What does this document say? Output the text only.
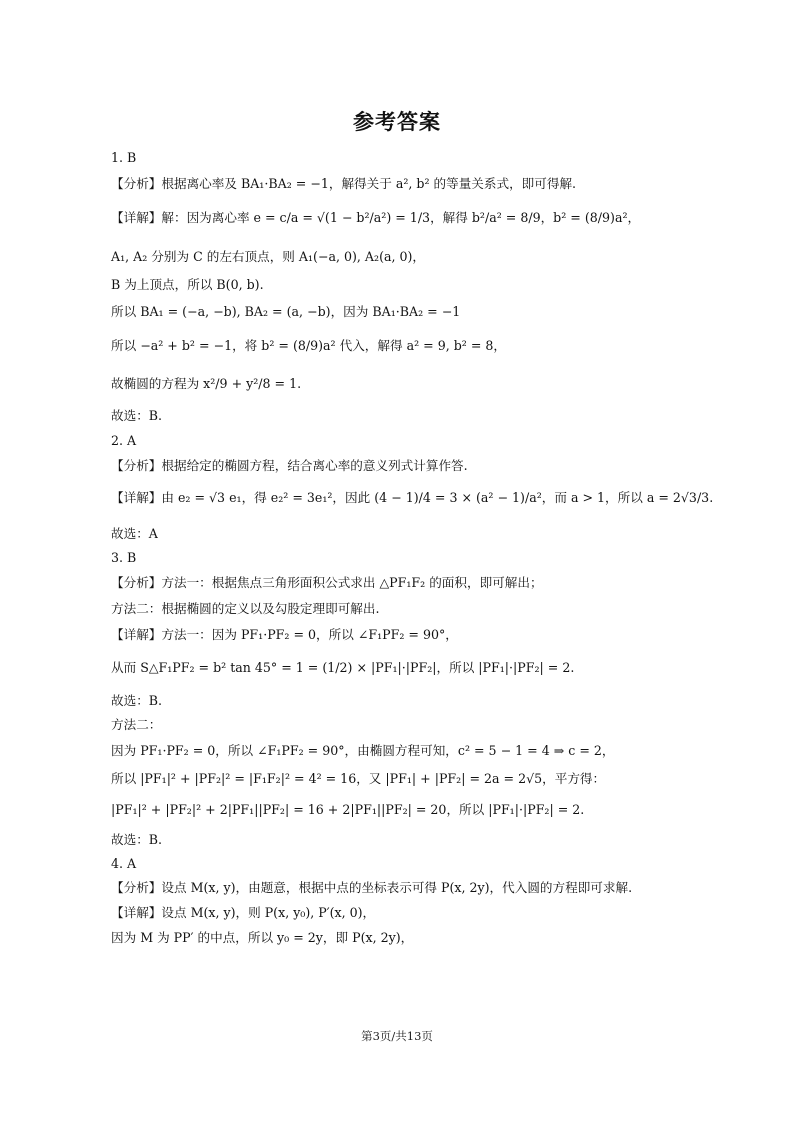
参考答案
1. B
【分析】根据离心率及 BA₁·BA₂ = −1，解得关于 a², b² 的等量关系式，即可得解.
【详解】解：因为离心率 e = c/a = √(1 − b²/a²) = 1/3，解得 b²/a² = 8/9，b² = (8/9)a²，
A₁, A₂ 分别为 C 的左右顶点，则 A₁(−a, 0), A₂(a, 0)，
B 为上顶点，所以 B(0, b).
所以 BA₁ = (−a, −b), BA₂ = (a, −b)，因为 BA₁·BA₂ = −1
所以 −a² + b² = −1，将 b² = (8/9)a² 代入，解得 a² = 9, b² = 8，
故椭圆的方程为 x²/9 + y²/8 = 1.
故选：B.
2. A
【分析】根据给定的椭圆方程，结合离心率的意义列式计算作答.
【详解】由 e₂ = √3 e₁，得 e₂² = 3e₁²，因此 (4 − 1)/4 = 3 × (a² − 1)/a²，而 a > 1，所以 a = 2√3/3.
故选：A
3. B
【分析】方法一：根据焦点三角形面积公式求出 △PF₁F₂ 的面积，即可解出；
方法二：根据椭圆的定义以及勾股定理即可解出.
【详解】方法一：因为 PF₁·PF₂ = 0，所以 ∠F₁PF₂ = 90°，
从而 S△F₁PF₂ = b² tan 45° = 1 = (1/2) × |PF₁|·|PF₂|，所以 |PF₁|·|PF₂| = 2.
故选：B.
方法二：
因为 PF₁·PF₂ = 0，所以 ∠F₁PF₂ = 90°，由椭圆方程可知，c² = 5 − 1 = 4 ⇒ c = 2，
所以 |PF₁|² + |PF₂|² = |F₁F₂|² = 4² = 16，又 |PF₁| + |PF₂| = 2a = 2√5，平方得：
|PF₁|² + |PF₂|² + 2|PF₁||PF₂| = 16 + 2|PF₁||PF₂| = 20，所以 |PF₁|·|PF₂| = 2.
故选：B.
4. A
【分析】设点 M(x, y)，由题意，根据中点的坐标表示可得 P(x, 2y)，代入圆的方程即可求解.
【详解】设点 M(x, y)，则 P(x, y₀), P′(x, 0)，
因为 M 为 PP′ 的中点，所以 y₀ = 2y，即 P(x, 2y)，
第3页/共13页
